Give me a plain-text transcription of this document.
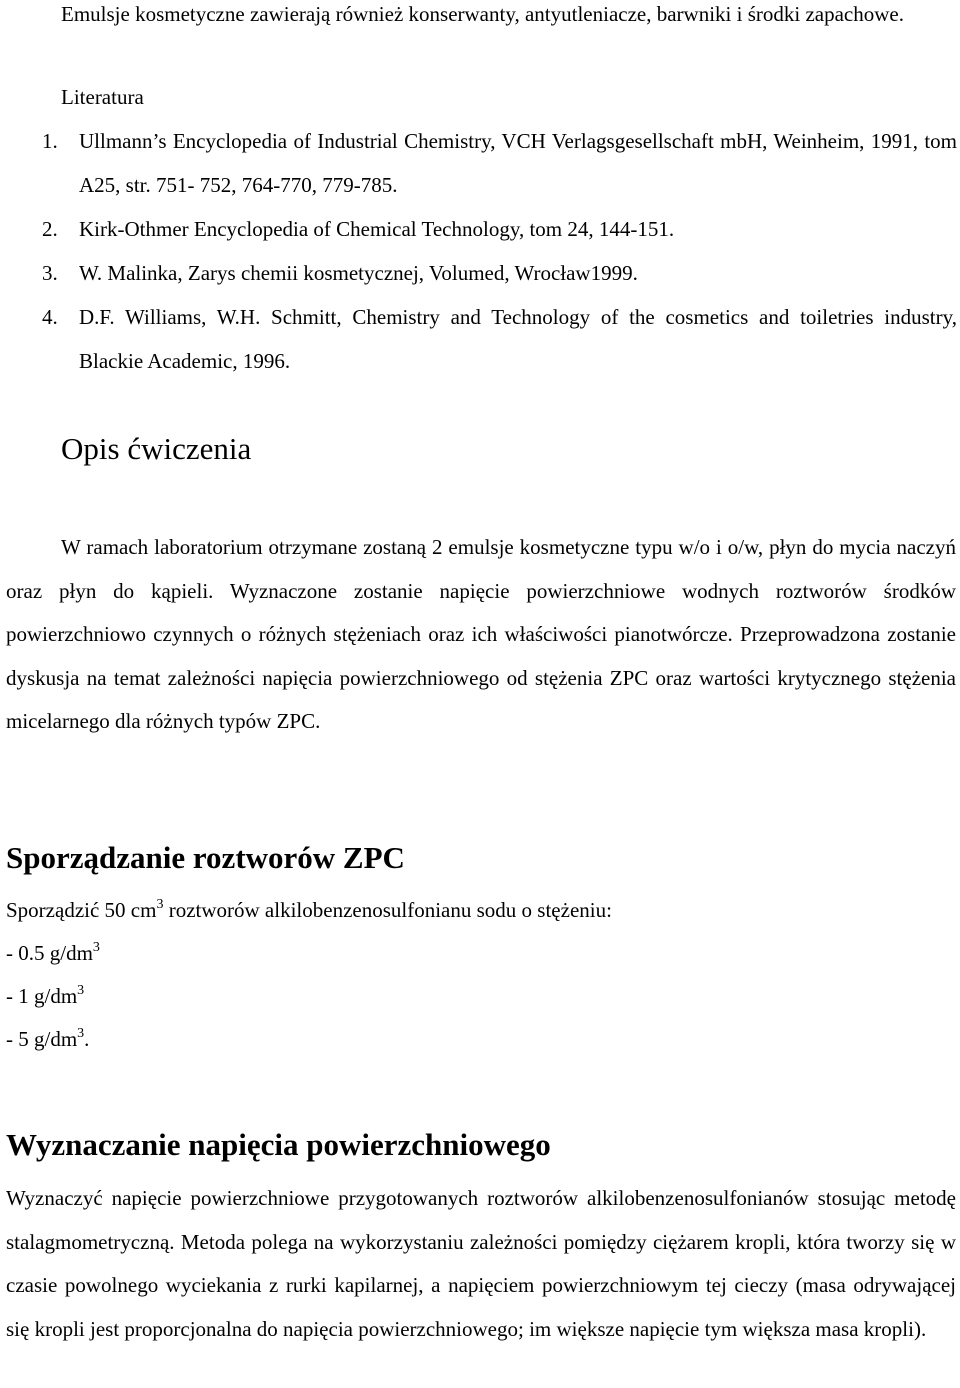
Emulsje kosmetyczne zawierają również konserwanty, antyutleniacze, barwniki i środki zapachowe.

Literatura

1. Ullmann’s Encyclopedia of Industrial Chemistry, VCH Verlagsgesellschaft mbH, Weinheim, 1991, tom A25, str. 751- 752, 764-770, 779-785.
2. Kirk-Othmer Encyclopedia of Chemical Technology, tom 24, 144-151.
3. W. Malinka, Zarys chemii kosmetycznej, Volumed, Wrocław1999.
4. D.F. Williams, W.H. Schmitt, Chemistry and Technology of the cosmetics and toiletries industry, Blackie Academic, 1996.
Opis ćwiczenia

W ramach laboratorium otrzymane zostaną 2 emulsje kosmetyczne typu w/o i o/w, płyn do mycia naczyń oraz płyn do kąpieli. Wyznaczone zostanie napięcie powierzchniowe wodnych roztworów środków powierzchniowo czynnych o różnych stężeniach oraz ich właściwości pianotwórcze. Przeprowadzona zostanie dyskusja na temat zależności napięcia powierzchniowego od stężenia ZPC oraz wartości krytycznego stężenia micelarnego dla różnych typów ZPC.

Sporządzanie roztworów ZPC

Sporządzić 50 $cm^3$ roztworów alkilobenzenosulfonianu sodu o stężeniu:

- 0.5 $g/dm^3$

- 1 $g/dm^3$

- 5 $g/dm^3$.

Wyznaczanie napięcia powierzchniowego

Wyznaczyć napięcie powierzchniowe przygotowanych roztworów alkilobenzenosulfonianów stosując metodę stalagmometryczną. Metoda polega na wykorzystaniu zależności pomiędzy ciężarem kropli, która tworzy się w czasie powolnego wyciekania z rurki kapilarnej, a napięciem powierzchniowym tej cieczy (masa odrywającej się kropli jest proporcjonalna do napięcia powierzchniowego; im większe napięcie tym większa masa kropli).
